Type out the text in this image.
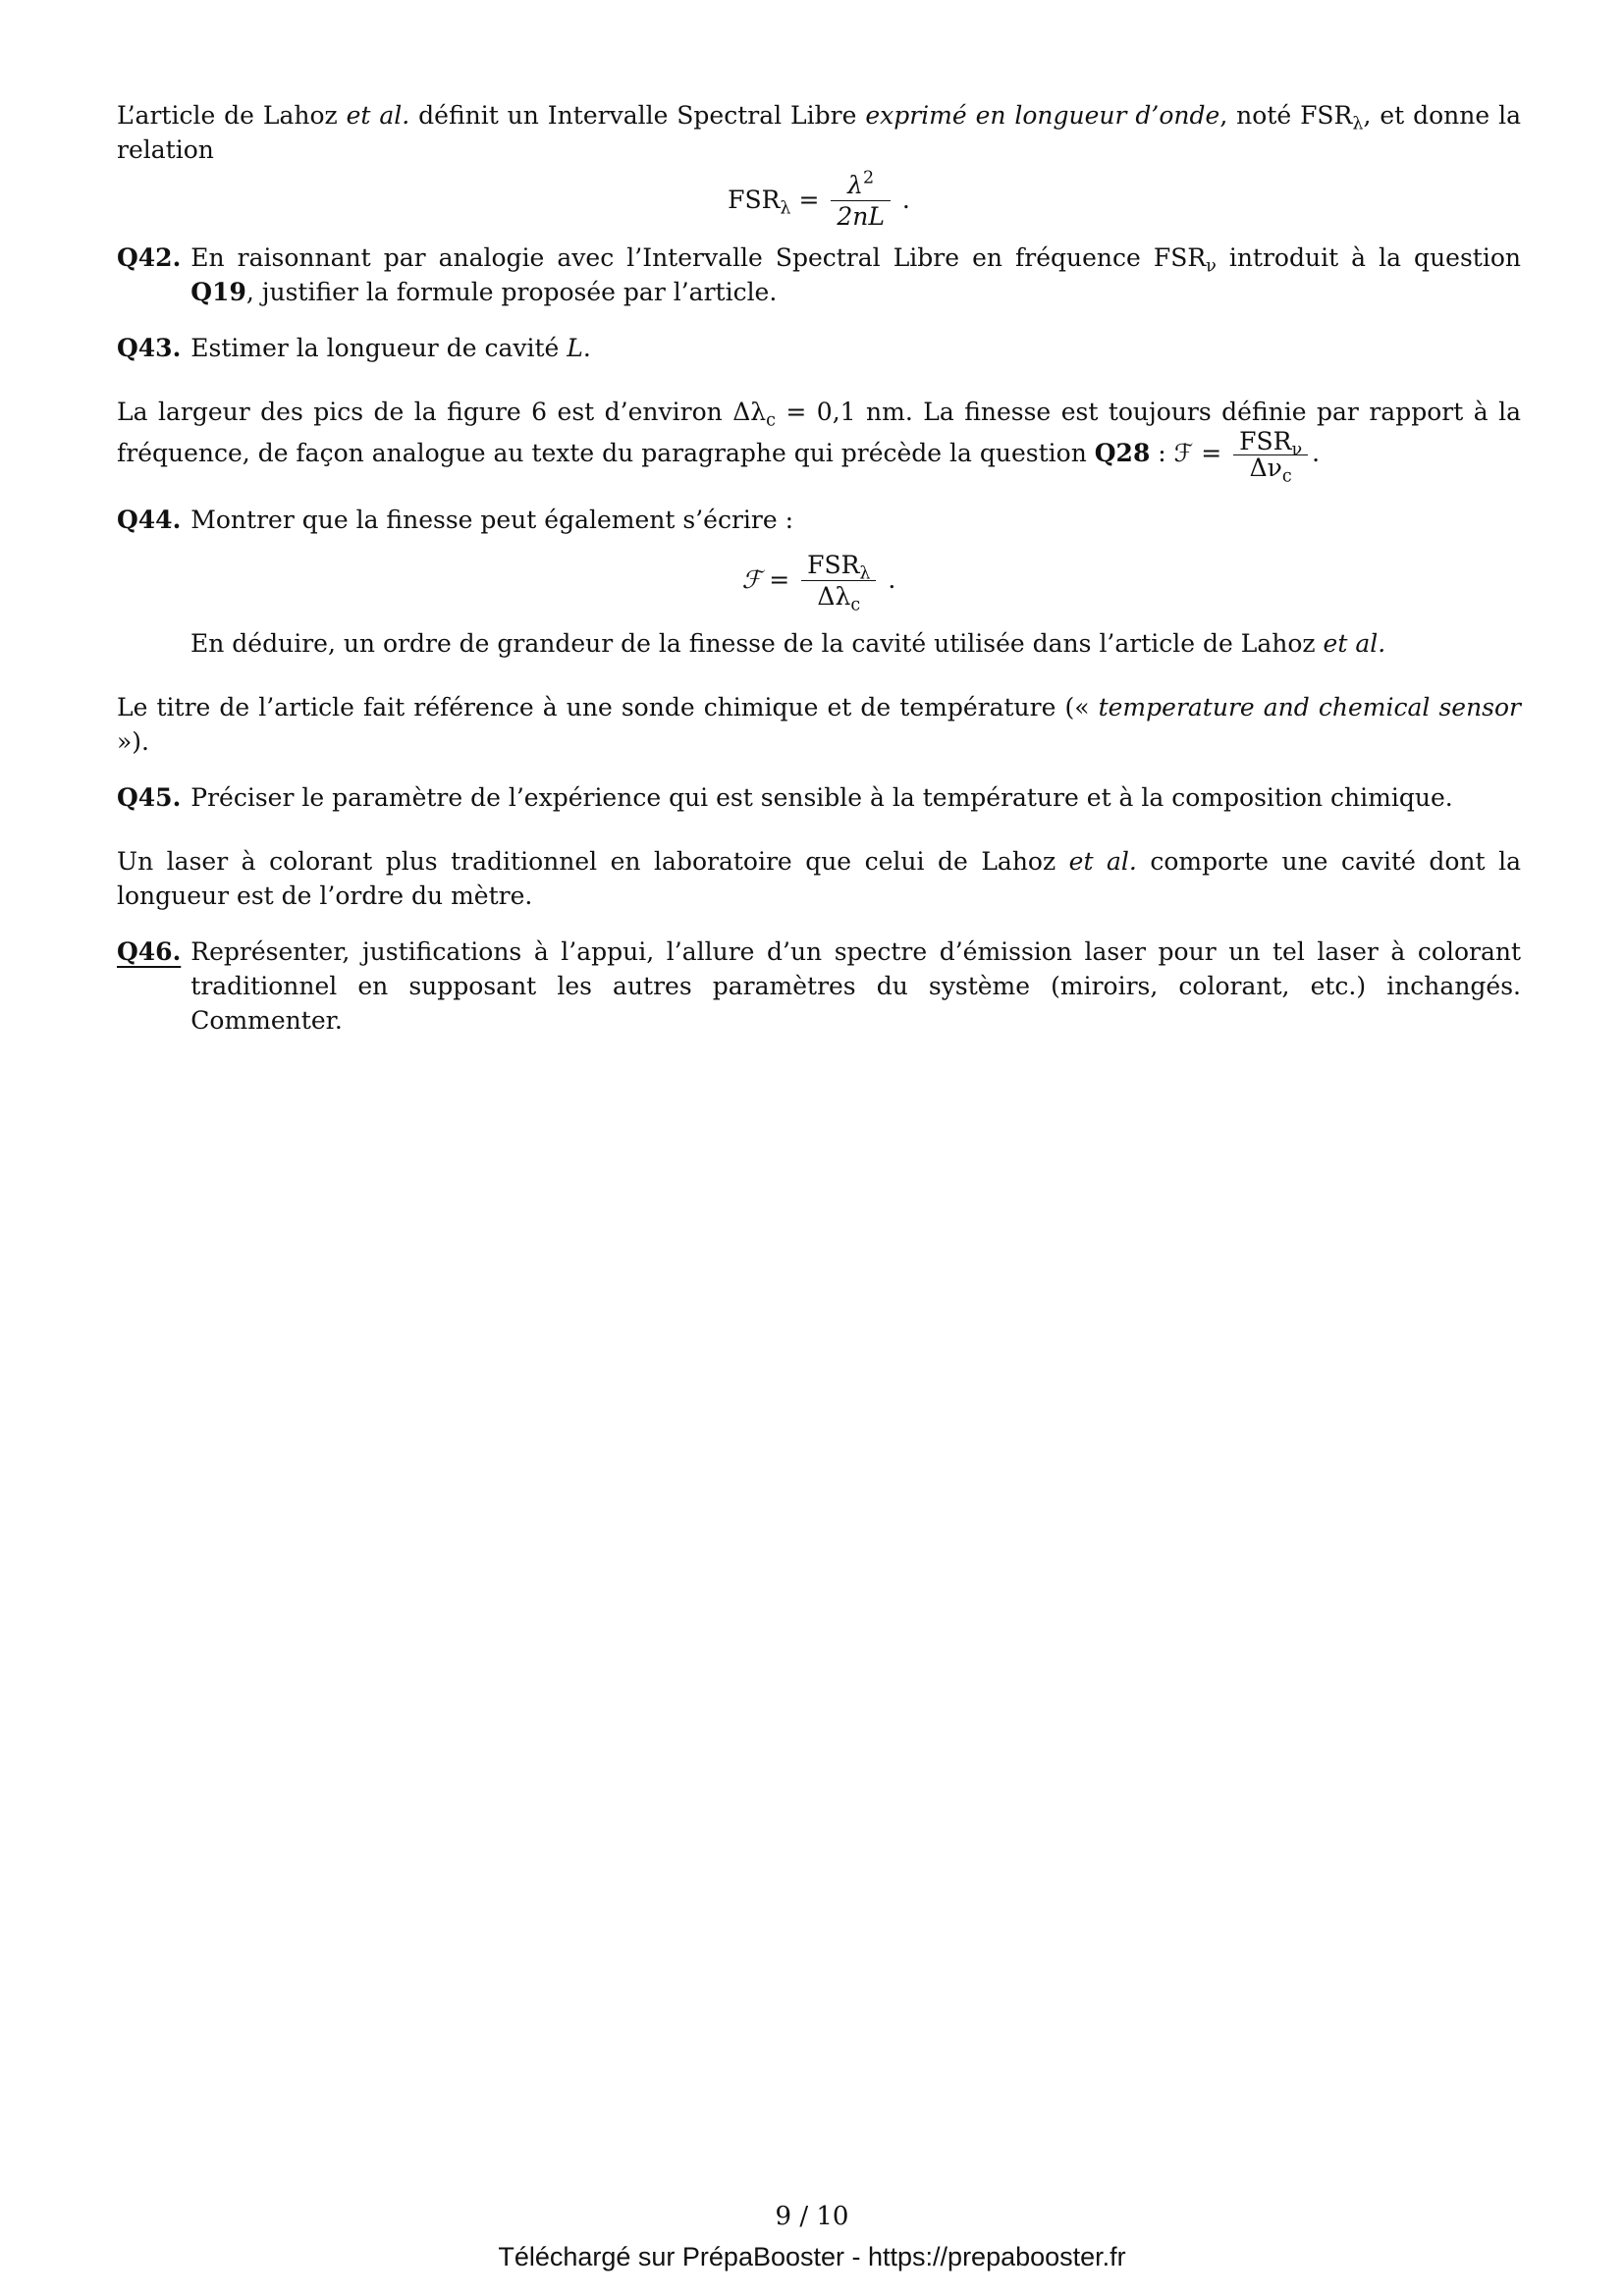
L’article de Lahoz et al. définit un Intervalle Spectral Libre exprimé en longueur d’onde, noté $FSR_\lambda$, et donne la relation

$FSR_\lambda = \frac{\lambda^2}{2nL}$ .
Q42. En raisonnant par analogie avec l’Intervalle Spectral Libre en fréquence $FSR_\nu$ introduit à la question Q19, justifier la formule proposée par l’article.
Q43. Estimer la longueur de cavité L.

La largeur des pics de la figure 6 est d’environ $\Delta\lambda_c = 0,1$ nm. La finesse est toujours définie par rapport à la fréquence, de façon analogue au texte du paragraphe qui précède la question Q28 : ℱ = $\frac{FSR_\nu}{\Delta\nu_c}$ .

Q44. Montrer que la finesse peut également s’écrire :
ℱ = $\frac{FSR_\lambda}{\Delta\lambda_c}$ .

En déduire, un ordre de grandeur de la finesse de la cavité utilisée dans l’article de Lahoz et al.

Le titre de l’article fait référence à une sonde chimique et de température (« temperature and chemical sensor »).

Q45. Préciser le paramètre de l’expérience qui est sensible à la température et à la composition chimique.

Un laser à colorant plus traditionnel en laboratoire que celui de Lahoz et al. comporte une cavité dont la longueur est de l’ordre du mètre.

Q46. Représenter, justifications à l’appui, l’allure d’un spectre d’émission laser pour un tel laser à colorant traditionnel en supposant les autres paramètres du système (miroirs, colorant, etc.) inchangés. Commenter.
9 / 10
Téléchargé sur PrépaBooster - https://prepabooster.fr
